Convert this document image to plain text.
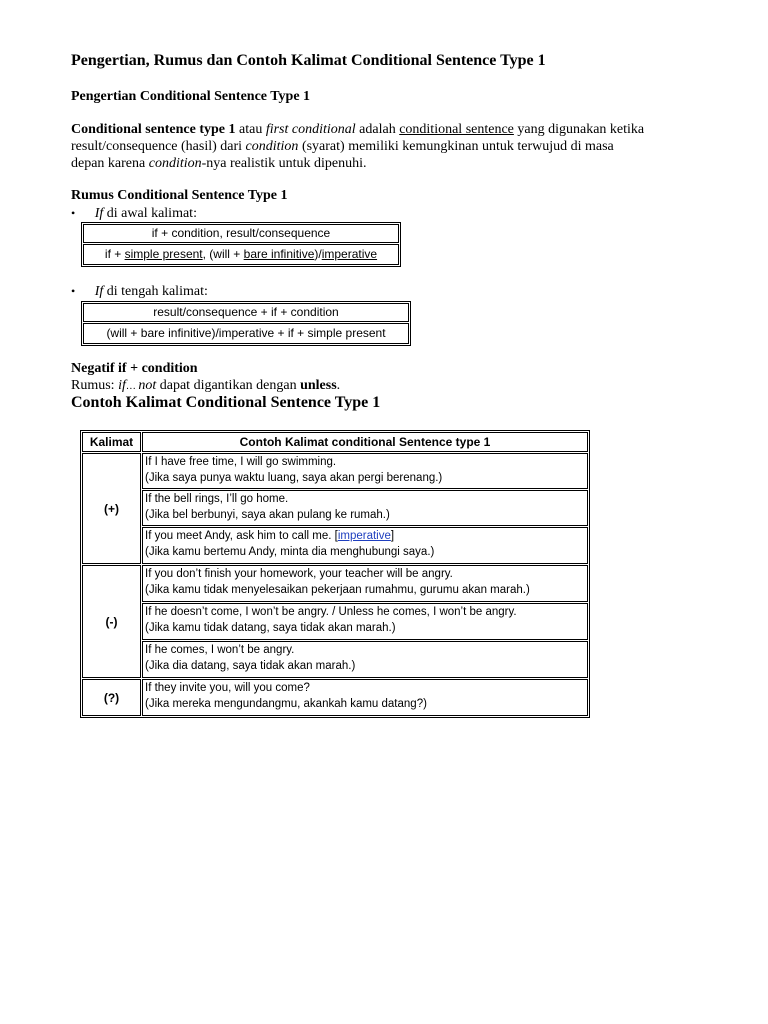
Pengertian, Rumus dan Contoh Kalimat Conditional Sentence Type 1
Pengertian Conditional Sentence Type 1
Conditional sentence type 1 atau first conditional adalah conditional sentence yang digunakan ketika
result/consequence (hasil) dari condition (syarat) memiliki kemungkinan untuk terwujud di masa
depan karena condition-nya realistik untuk dipenuhi.
Rumus Conditional Sentence Type 1
• If di awal kalimat:
if + condition, result/consequence
if + simple present, (will + bare infinitive)/imperative
• If di tengah kalimat:
result/consequence + if + condition
(will + bare infinitive)/imperative + if + simple present
Negatif if + condition
Rumus: if… not dapat digantikan dengan unless.
Contoh Kalimat Conditional Sentence Type 1
Kalimat	Contoh Kalimat conditional Sentence type 1
(+)
(-)
(?)
If I have free time, I will go swimming.
(Jika saya punya waktu luang, saya akan pergi berenang.)
If the bell rings, I’ll go home.
(Jika bel berbunyi, saya akan pulang ke rumah.)
If you meet Andy, ask him to call me. [imperative]
(Jika kamu bertemu Andy, minta dia menghubungi saya.)
If you don’t finish your homework, your teacher will be angry.
(Jika kamu tidak menyelesaikan pekerjaan rumahmu, gurumu akan marah.)
If he doesn’t come, I won’t be angry. / Unless he comes, I won’t be angry.
(Jika kamu tidak datang, saya tidak akan marah.)
If he comes, I won’t be angry.
(Jika dia datang, saya tidak akan marah.)
If they invite you, will you come?
(Jika mereka mengundangmu, akankah kamu datang?)
